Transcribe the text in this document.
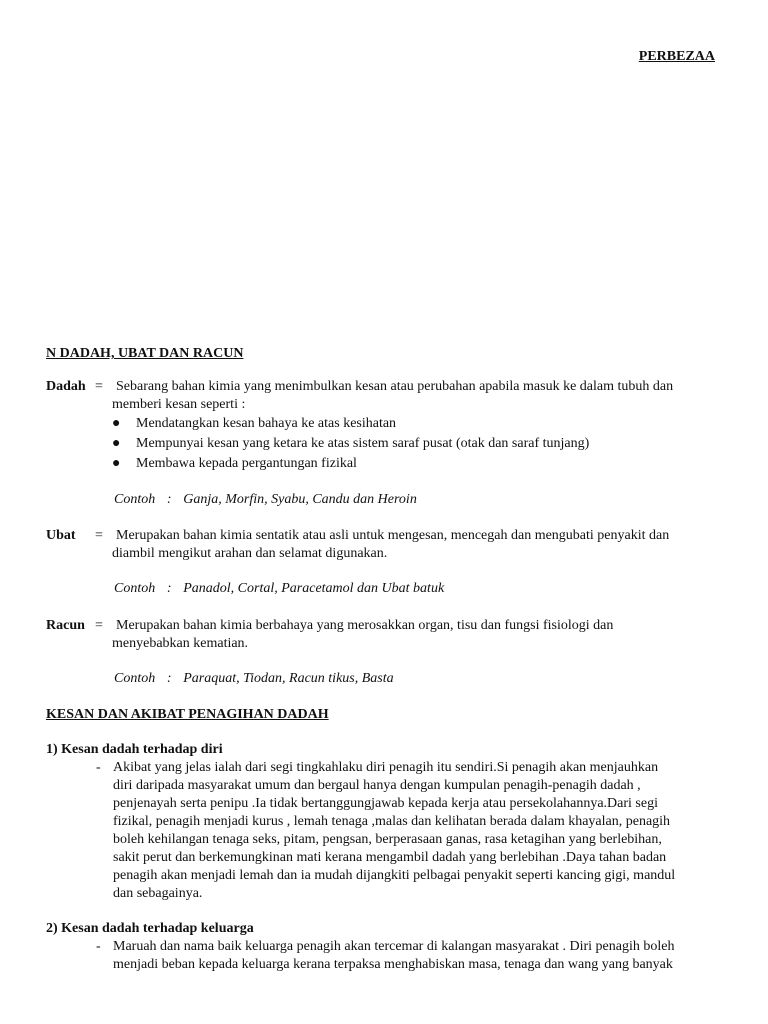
PERBEZAA
N DADAH, UBAT DAN RACUN
Dadah = Sebarang bahan kimia yang menimbulkan kesan atau perubahan apabila masuk ke dalam tubuh dan
memberi kesan seperti :
● Mendatangkan kesan bahaya ke atas kesihatan
● Mempunyai kesan yang ketara ke atas sistem saraf pusat (otak dan saraf tunjang)
● Membawa kepada pergantungan fizikal
Contoh : Ganja, Morfin, Syabu, Candu dan Heroin
Ubat = Merupakan bahan kimia sentatik atau asli untuk mengesan, mencegah dan mengubati penyakit dan
diambil mengikut arahan dan selamat digunakan.
Contoh : Panadol, Cortal, Paracetamol dan Ubat batuk
Racun = Merupakan bahan kimia berbahaya yang merosakkan organ, tisu dan fungsi fisiologi dan
menyebabkan kematian.
Contoh : Paraquat, Tiodan, Racun tikus, Basta
KESAN DAN AKIBAT PENAGIHAN DADAH
1) Kesan dadah terhadap diri
- Akibat yang jelas ialah dari segi tingkahlaku diri penagih itu sendiri.Si penagih akan menjauhkan
diri daripada masyarakat umum dan bergaul hanya dengan kumpulan penagih-penagih dadah ,
penjenayah serta penipu .Ia tidak bertanggungjawab kepada kerja atau persekolahannya.Dari segi
fizikal, penagih menjadi kurus , lemah tenaga ,malas dan kelihatan berada dalam khayalan, penagih
boleh kehilangan tenaga seks, pitam, pengsan, berperasaan ganas, rasa ketagihan yang berlebihan,
sakit perut dan berkemungkinan mati kerana mengambil dadah yang berlebihan .Daya tahan badan
penagih akan menjadi lemah dan ia mudah dijangkiti pelbagai penyakit seperti kancing gigi, mandul
dan sebagainya.
2) Kesan dadah terhadap keluarga
- Maruah dan nama baik keluarga penagih akan tercemar di kalangan masyarakat . Diri penagih boleh
menjadi beban kepada keluarga kerana terpaksa menghabiskan masa, tenaga dan wang yang banyak
